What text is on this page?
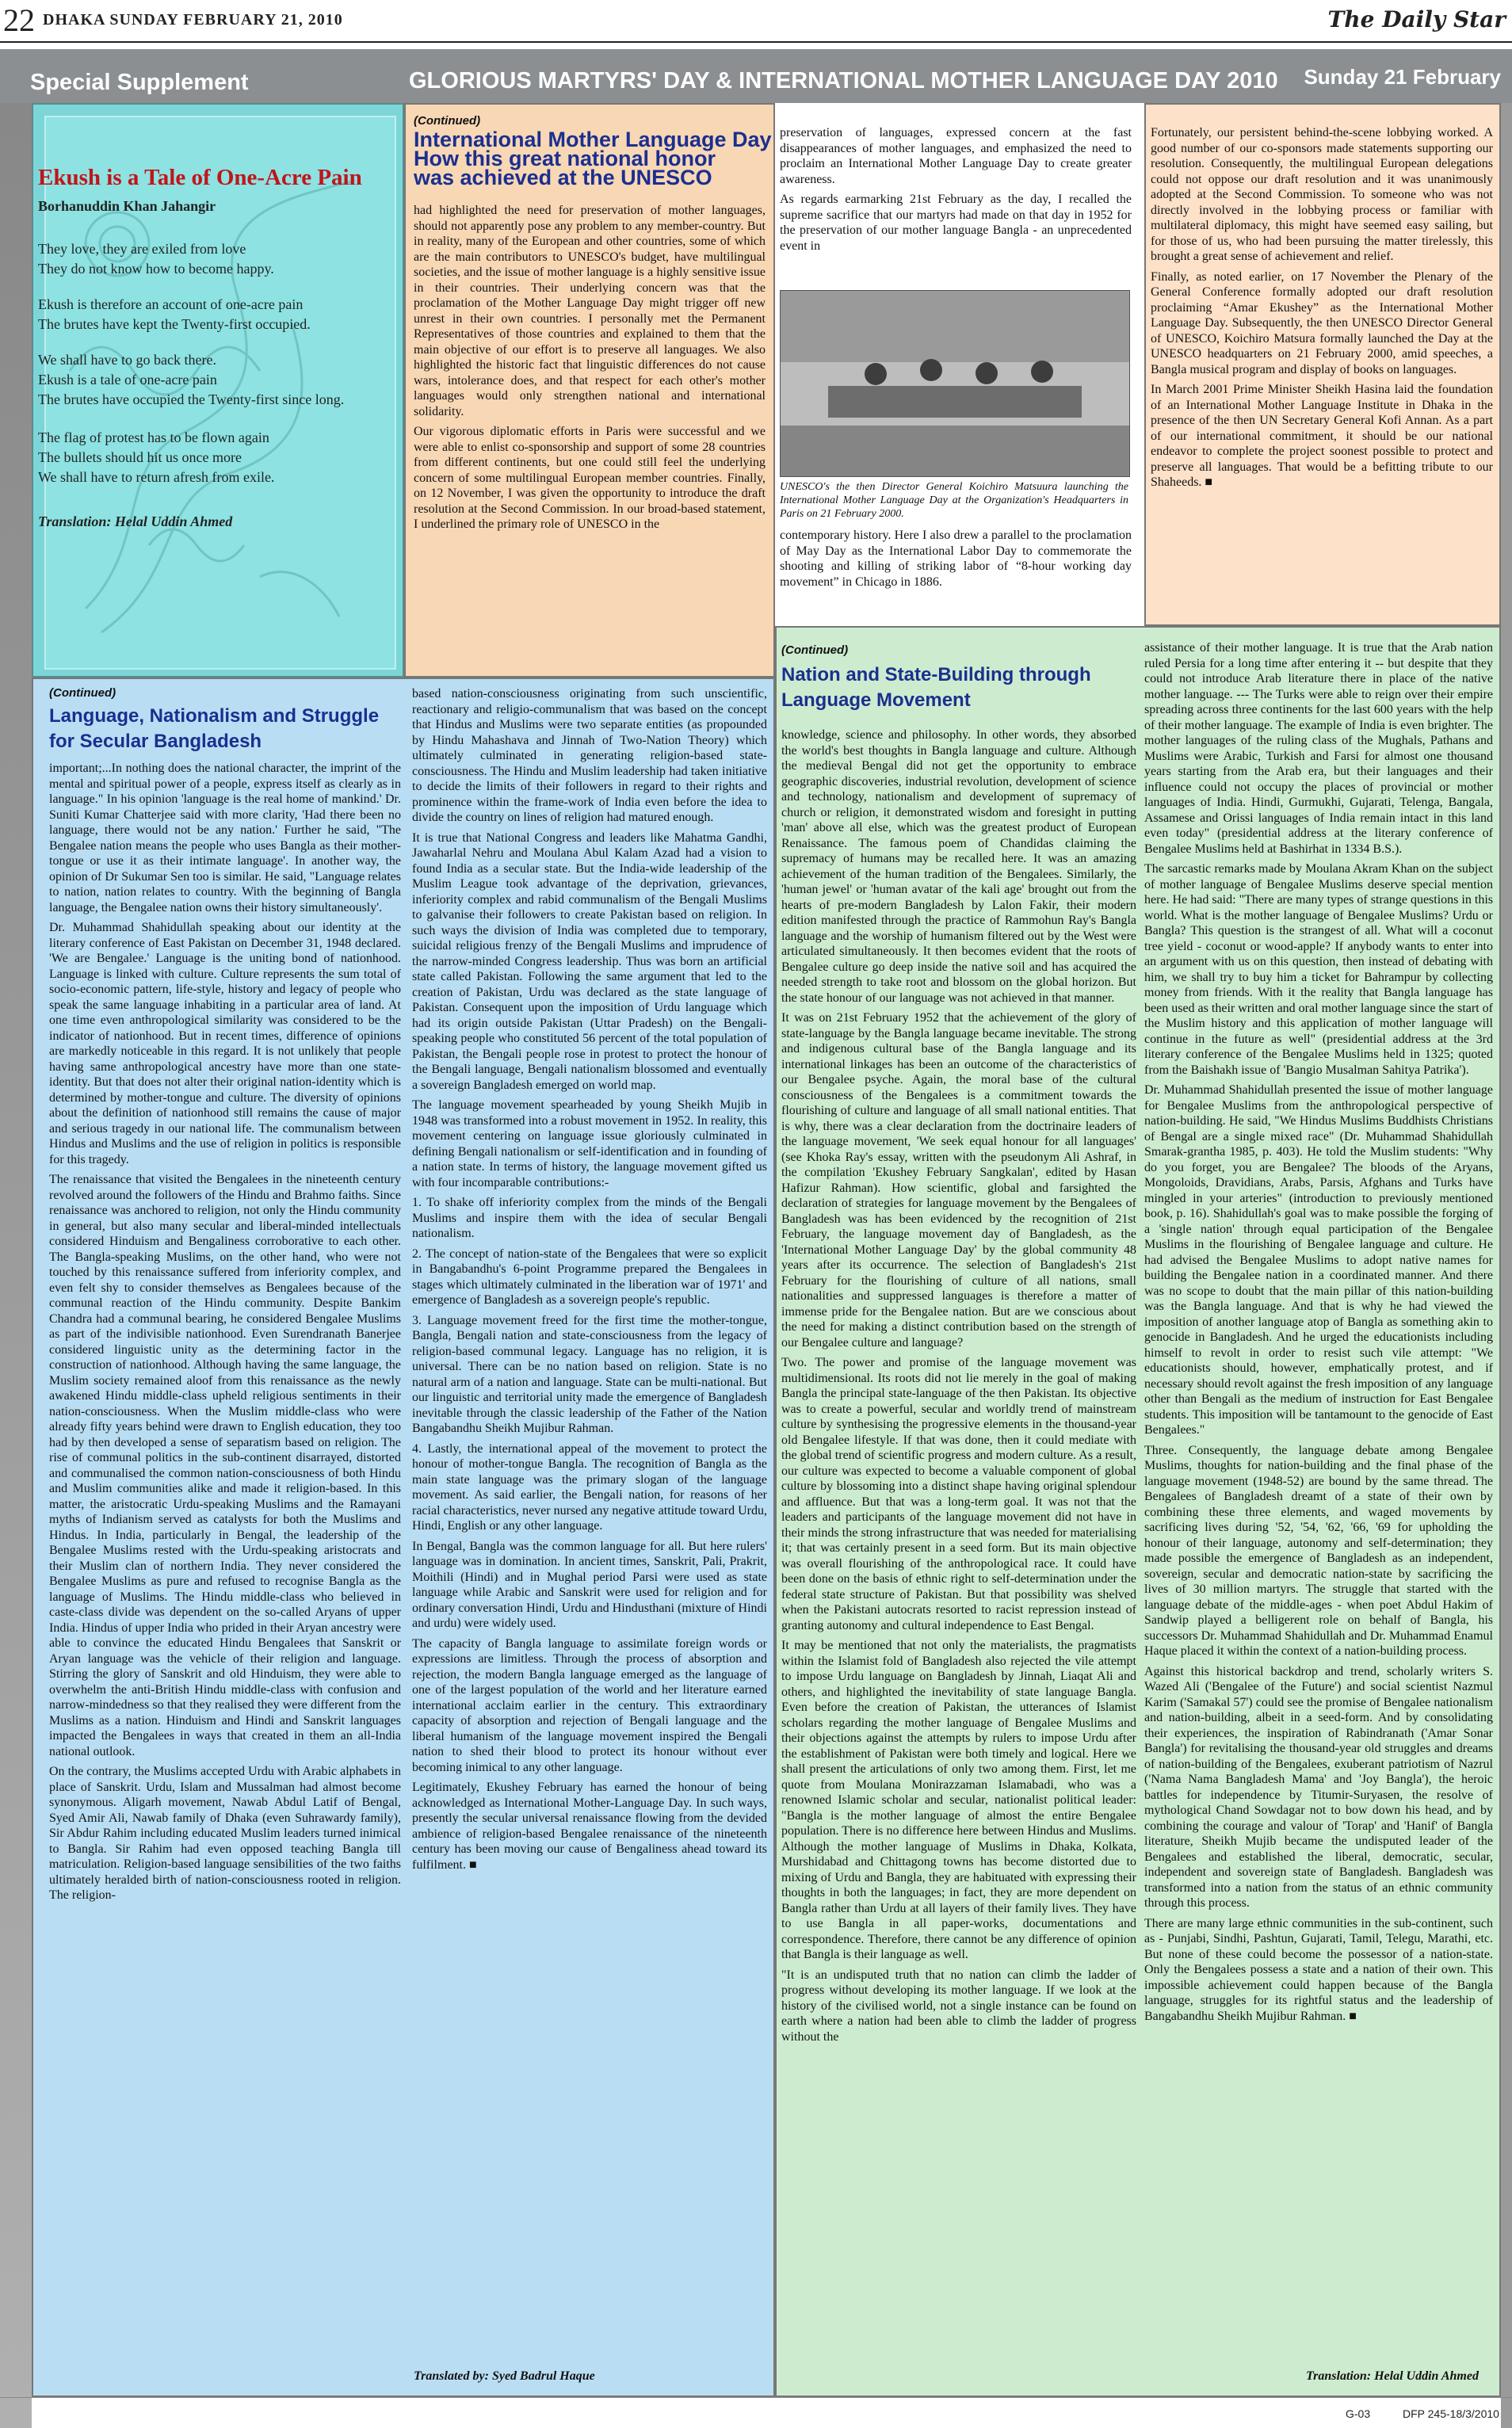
22 DHAKA SUNDAY FEBRUARY 21, 2010	The Daily Star
Special Supplement	GLORIOUS MARTYRS' DAY & INTERNATIONAL MOTHER LANGUAGE DAY 2010 Sunday 21 February
Ekush is a Tale of One-Acre Pain
Borhanuddin Khan Jahangir
They love, they are exiled from love
They do not know how to become happy.
Ekush is therefore an account of one-acre pain
The brutes have kept the Twenty-first occupied.
We shall have to go back there.
Ekush is a tale of one-acre pain
The brutes have occupied the Twenty-first since long.
The flag of protest has to be flown again
The bullets should hit us once more
We shall have to return afresh from exile.
Translation: Helal Uddin Ahmed
(Continued)
International Mother Language Day
How this great national honor
was achieved at the UNESCO

had highlighted the need for preservation of mother languages, should not apparently pose any problem to any member-country. But in reality, many of the European and other countries, some of which are the main contributors to UNESCO's budget, have multilingual societies, and the issue of mother language is a highly sensitive issue in their countries. Their underlying concern was that the proclamation of the Mother Language Day might trigger off new unrest in their own countries. I personally met the Permanent Representatives of those countries and explained to them that the main objective of our effort is to preserve all languages. We also highlighted the historic fact that linguistic differences do not cause wars, intolerance does, and that respect for each other's mother languages would only strengthen national and international solidarity.

Our vigorous diplomatic efforts in Paris were successful and we were able to enlist co-sponsorship and support of some 28 countries from different continents, but one could still feel the underlying concern of some multilingual European member countries. Finally, on 12 November, I was given the opportunity to introduce the draft resolution at the Second Commission. In our broad-based statement, I underlined the primary role of UNESCO in the

preservation of languages, expressed concern at the fast disappearances of mother languages, and emphasized the need to proclaim an International Mother Language Day to create greater awareness.

As regards earmarking 21st February as the day, I recalled the supreme sacrifice that our martyrs had made on that day in 1952 for the preservation of our mother language Bangla - an unprecedented event in

UNESCO's the then Director General Koichiro Matsuura launching the International Mother Language Day at the Organization's Headquarters in Paris on 21 February 2000.

contemporary history. Here I also drew a parallel to the proclamation of May Day as the International Labor Day to commemorate the shooting and killing of striking labor of “8-hour working day movement” in Chicago in 1886.

Fortunately, our persistent behind-the-scene lobbying worked. A good number of our co-sponsors made statements supporting our resolution. Consequently, the multilingual European delegations could not oppose our draft resolution and it was unanimously adopted at the Second Commission. To someone who was not directly involved in the lobbying process or familiar with multilateral diplomacy, this might have seemed easy sailing, but for those of us, who had been pursuing the matter tirelessly, this brought a great sense of achievement and relief.

Finally, as noted earlier, on 17 November the Plenary of the General Conference formally adopted our draft resolution proclaiming “Amar Ekushey” as the International Mother Language Day. Subsequently, the then UNESCO Director General of UNESCO, Koichiro Matsura formally launched the Day at the UNESCO headquarters on 21 February 2000, amid speeches, a Bangla musical program and display of books on languages.

In March 2001 Prime Minister Sheikh Hasina laid the foundation of an International Mother Language Institute in Dhaka in the presence of the then UN Secretary General Kofi Annan. As a part of our international commitment, it should be our national endeavor to complete the project soonest possible to protect and preserve all languages. That would be a befitting tribute to our Shaheeds. ■

(Continued)
Language, Nationalism and Struggle
for Secular Bangladesh

important;...In nothing does the national character, the imprint of the mental and spiritual power of a people, express itself as clearly as in language." In his opinion 'language is the real home of mankind.' Dr. Suniti Kumar Chatterjee said with more clarity, 'Had there been no language, there would not be any nation.' Further he said, "The Bengalee nation means the people who uses Bangla as their mother-tongue or use it as their intimate language'. In another way, the opinion of Dr Sukumar Sen too is similar. He said, "Language relates to nation, nation relates to country. With the beginning of Bangla language, the Bengalee nation owns their history simultaneously'.

Dr. Muhammad Shahidullah speaking about our identity at the literary conference of East Pakistan on December 31, 1948 declared. 'We are Bengalee.' Language is the uniting bond of nationhood. Language is linked with culture. Culture represents the sum total of socio-economic pattern, life-style, history and legacy of people who speak the same language inhabiting in a particular area of land. At one time even anthropological similarity was considered to be the indicator of nationhood. But in recent times, difference of opinions are markedly noticeable in this regard. It is not unlikely that people having same anthropological ancestry have more than one state-identity. But that does not alter their original nation-identity which is determined by mother-tongue and culture. The diversity of opinions about the definition of nationhood still remains the cause of major and serious tragedy in our national life. The communalism between Hindus and Muslims and the use of religion in politics is responsible for this tragedy.

The renaissance that visited the Bengalees in the nineteenth century revolved around the followers of the Hindu and Brahmo faiths. Since renaissance was anchored to religion, not only the Hindu community in general, but also many secular and liberal-minded intellectuals considered Hinduism and Bengaliness corroborative to each other. The Bangla-speaking Muslims, on the other hand, who were not touched by this renaissance suffered from inferiority complex, and even felt shy to consider themselves as Bengalees because of the communal reaction of the Hindu community. Despite Bankim Chandra had a communal bearing, he considered Bengalee Muslims as part of the indivisible nationhood. Even Surendranath Banerjee considered linguistic unity as the determining factor in the construction of nationhood. Although having the same language, the Muslim society remained aloof from this renaissance as the newly awakened Hindu middle-class upheld religious sentiments in their nation-consciousness. When the Muslim middle-class who were already fifty years behind were drawn to English education, they too had by then developed a sense of separatism based on religion. The rise of communal politics in the sub-continent disarrayed, distorted and communalised the common nation-consciousness of both Hindu and Muslim communities alike and made it religion-based. In this matter, the aristocratic Urdu-speaking Muslims and the Ramayani myths of Indianism served as catalysts for both the Muslims and Hindus. In India, particularly in Bengal, the leadership of the Bengalee Muslims rested with the Urdu-speaking aristocrats and their Muslim clan of northern India. They never considered the Bengalee Muslims as pure and refused to recognise Bangla as the language of Muslims. The Hindu middle-class who believed in caste-class divide was dependent on the so-called Aryans of upper India. Hindus of upper India who prided in their Aryan ancestry were able to convince the educated Hindu Bengalees that Sanskrit or Aryan language was the vehicle of their religion and language. Stirring the glory of Sanskrit and old Hinduism, they were able to overwhelm the anti-British Hindu middle-class with confusion and narrow-mindedness so that they realised they were different from the Muslims as a nation. Hinduism and Hindi and Sanskrit languages impacted the Bengalees in ways that created in them an all-India national outlook.

On the contrary, the Muslims accepted Urdu with Arabic alphabets in place of Sanskrit. Urdu, Islam and Mussalman had almost become synonymous. Aligarh movement, Nawab Abdul Latif of Bengal, Syed Amir Ali, Nawab family of Dhaka (even Suhrawardy family), Sir Abdur Rahim including educated Muslim leaders turned inimical to Bangla. Sir Rahim had even opposed teaching Bangla till matriculation. Religion-based language sensibilities of the two faiths ultimately heralded birth of nation-consciousness rooted in religion. The religion-

based nation-consciousness originating from such unscientific, reactionary and religio-communalism that was based on the concept that Hindus and Muslims were two separate entities (as propounded by Hindu Mahashava and Jinnah of Two-Nation Theory) which ultimately culminated in generating religion-based state-consciousness. The Hindu and Muslim leadership had taken initiative to decide the limits of their followers in regard to their rights and prominence within the frame-work of India even before the idea to divide the country on lines of religion had matured enough.

It is true that National Congress and leaders like Mahatma Gandhi, Jawaharlal Nehru and Moulana Abul Kalam Azad had a vision to found India as a secular state. But the India-wide leadership of the Muslim League took advantage of the deprivation, grievances, inferiority complex and rabid communalism of the Bengali Muslims to galvanise their followers to create Pakistan based on religion. In such ways the division of India was completed due to temporary, suicidal religious frenzy of the Bengali Muslims and imprudence of the narrow-minded Congress leadership. Thus was born an artificial state called Pakistan. Following the same argument that led to the creation of Pakistan, Urdu was declared as the state language of Pakistan. Consequent upon the imposition of Urdu language which had its origin outside Pakistan (Uttar Pradesh) on the Bengali-speaking people who constituted 56 percent of the total population of Pakistan, the Bengali people rose in protest to protect the honour of the Bengali language, Bengali nationalism blossomed and eventually a sovereign Bangladesh emerged on world map.

The language movement spearheaded by young Sheikh Mujib in 1948 was transformed into a robust movement in 1952. In reality, this movement centering on language issue gloriously culminated in defining Bengali nationalism or self-identification and in founding of a nation state. In terms of history, the language movement gifted us with four incomparable contributions:-

1. To shake off inferiority complex from the minds of the Bengali Muslims and inspire them with the idea of secular Bengali nationalism.

2. The concept of nation-state of the Bengalees that were so explicit in Bangabandhu's 6-point Programme prepared the Bengalees in stages which ultimately culminated in the liberation war of 1971' and emergence of Bangladesh as a sovereign people's republic.

3. Language movement freed for the first time the mother-tongue, Bangla, Bengali nation and state-consciousness from the legacy of religion-based communal legacy. Language has no religion, it is universal. There can be no nation based on religion. State is no natural arm of a nation and language. State can be multi-national. But our linguistic and territorial unity made the emergence of Bangladesh inevitable through the classic leadership of the Father of the Nation Bangabandhu Sheikh Mujibur Rahman.

4. Lastly, the international appeal of the movement to protect the honour of mother-tongue Bangla. The recognition of Bangla as the main state language was the primary slogan of the language movement. As said earlier, the Bengali nation, for reasons of her racial characteristics, never nursed any negative attitude toward Urdu, Hindi, English or any other language.

In Bengal, Bangla was the common language for all. But here rulers' language was in domination. In ancient times, Sanskrit, Pali, Prakrit, Moithili (Hindi) and in Mughal period Parsi were used as state language while Arabic and Sanskrit were used for religion and for ordinary conversation Hindi, Urdu and Hindusthani (mixture of Hindi and urdu) were widely used.

The capacity of Bangla language to assimilate foreign words or expressions are limitless. Through the process of absorption and rejection, the modern Bangla language emerged as the language of one of the largest population of the world and her literature earned international acclaim earlier in the century. This extraordinary capacity of absorption and rejection of Bengali language and the liberal humanism of the language movement inspired the Bengali nation to shed their blood to protect its honour without ever becoming inimical to any other language.

Legitimately, Ekushey February has earned the honour of being acknowledged as International Mother-Language Day. In such ways, presently the secular universal renaissance flowing from the devided ambience of religion-based Bengalee renaissance of the nineteenth century has been moving our cause of Bengaliness ahead toward its fulfilment. ■

Translated by: Syed Badrul Haque
(Continued)
Nation and State-Building through
Language Movement

knowledge, science and philosophy. In other words, they absorbed the world's best thoughts in Bangla language and culture. Although the medieval Bengal did not get the opportunity to embrace geographic discoveries, industrial revolution, development of science and technology, nationalism and development of supremacy of church or religion, it demonstrated wisdom and foresight in putting 'man' above all else, which was the greatest product of European Renaissance. The famous poem of Chandidas claiming the supremacy of humans may be recalled here. It was an amazing achievement of the human tradition of the Bengalees. Similarly, the 'human jewel' or 'human avatar of the kali age' brought out from the hearts of pre-modern Bangladesh by Lalon Fakir, their modern edition manifested through the practice of Rammohun Ray's Bangla language and the worship of humanism filtered out by the West were articulated simultaneously. It then becomes evident that the roots of Bengalee culture go deep inside the native soil and has acquired the needed strength to take root and blossom on the global horizon. But the state honour of our language was not achieved in that manner.

It was on 21st February 1952 that the achievement of the glory of state-language by the Bangla language became inevitable. The strong and indigenous cultural base of the Bangla language and its international linkages has been an outcome of the characteristics of our Bengalee psyche. Again, the moral base of the cultural consciousness of the Bengalees is a commitment towards the flourishing of culture and language of all small national entities. That is why, there was a clear declaration from the doctrinaire leaders of the language movement, 'We seek equal honour for all languages' (see Khoka Ray's essay, written with the pseudonym Ali Ashraf, in the compilation 'Ekushey February Sangkalan', edited by Hasan Hafizur Rahman). How scientific, global and farsighted the declaration of strategies for language movement by the Bengalees of Bangladesh was has been evidenced by the recognition of 21st February, the language movement day of Bangladesh, as the 'International Mother Language Day' by the global community 48 years after its occurrence. The selection of Bangladesh's 21st February for the flourishing of culture of all nations, small nationalities and suppressed languages is therefore a matter of immense pride for the Bengalee nation. But are we conscious about the need for making a distinct contribution based on the strength of our Bengalee culture and language?

Two. The power and promise of the language movement was multidimensional. Its roots did not lie merely in the goal of making Bangla the principal state-language of the then Pakistan. Its objective was to create a powerful, secular and worldly trend of mainstream culture by synthesising the progressive elements in the thousand-year old Bengalee lifestyle. If that was done, then it could mediate with the global trend of scientific progress and modern culture. As a result, our culture was expected to become a valuable component of global culture by blossoming into a distinct shape having original splendour and affluence. But that was a long-term goal. It was not that the leaders and participants of the language movement did not have in their minds the strong infrastructure that was needed for materialising it; that was certainly present in a seed form. But its main objective was overall flourishing of the anthropological race. It could have been done on the basis of ethnic right to self-determination under the federal state structure of Pakistan. But that possibility was shelved when the Pakistani autocrats resorted to racist repression instead of granting autonomy and cultural independence to East Bengal.

It may be mentioned that not only the materialists, the pragmatists within the Islamist fold of Bangladesh also rejected the vile attempt to impose Urdu language on Bangladesh by Jinnah, Liaqat Ali and others, and highlighted the inevitability of state language Bangla. Even before the creation of Pakistan, the utterances of Islamist scholars regarding the mother language of Bengalee Muslims and their objections against the attempts by rulers to impose Urdu after the establishment of Pakistan were both timely and logical. Here we shall present the articulations of only two among them. First, let me quote from Moulana Monirazzaman Islamabadi, who was a renowned Islamic scholar and secular, nationalist political leader: "Bangla is the mother language of almost the entire Bengalee population. There is no difference here between Hindus and Muslims. Although the mother language of Muslims in Dhaka, Kolkata, Murshidabad and Chittagong towns has become distorted due to mixing of Urdu and Bangla, they are habituated with expressing their thoughts in both the languages; in fact, they are more dependent on Bangla rather than Urdu at all layers of their family lives. They have to use Bangla in all paper-works, documentations and correspondence. Therefore, there cannot be any difference of opinion that Bangla is their language as well.

"It is an undisputed truth that no nation can climb the ladder of progress without developing its mother language. If we look at the history of the civilised world, not a single instance can be found on earth where a nation had been able to climb the ladder of progress without the

assistance of their mother language. It is true that the Arab nation ruled Persia for a long time after entering it -- but despite that they could not introduce Arab literature there in place of the native mother language. --- The Turks were able to reign over their empire spreading across three continents for the last 600 years with the help of their mother language. The example of India is even brighter. The mother languages of the ruling class of the Mughals, Pathans and Muslims were Arabic, Turkish and Farsi for almost one thousand years starting from the Arab era, but their languages and their influence could not occupy the places of provincial or mother languages of India. Hindi, Gurmukhi, Gujarati, Telenga, Bangala, Assamese and Orissi languages of India remain intact in this land even today" (presidential address at the literary conference of Bengalee Muslims held at Bashirhat in 1334 B.S.).

The sarcastic remarks made by Moulana Akram Khan on the subject of mother language of Bengalee Muslims deserve special mention here. He had said: "There are many types of strange questions in this world. What is the mother language of Bengalee Muslims? Urdu or Bangla? This question is the strangest of all. What will a coconut tree yield - coconut or wood-apple? If anybody wants to enter into an argument with us on this question, then instead of debating with him, we shall try to buy him a ticket for Bahrampur by collecting money from friends. With it the reality that Bangla language has been used as their written and oral mother language since the start of the Muslim history and this application of mother language will continue in the future as well" (presidential address at the 3rd literary conference of the Bengalee Muslims held in 1325; quoted from the Baishakh issue of 'Bangio Musalman Sahitya Patrika').

Dr. Muhammad Shahidullah presented the issue of mother language for Bengalee Muslims from the anthropological perspective of nation-building. He said, "We Hindus Muslims Buddhists Christians of Bengal are a single mixed race" (Dr. Muhammad Shahidullah Smarak-grantha 1985, p. 403). He told the Muslim students: "Why do you forget, you are Bengalee? The bloods of the Aryans, Mongoloids, Dravidians, Arabs, Parsis, Afghans and Turks have mingled in your arteries" (introduction to previously mentioned book, p. 16). Shahidullah's goal was to make possible the forging of a 'single nation' through equal participation of the Bengalee Muslims in the flourishing of Bengalee language and culture. He had advised the Bengalee Muslims to adopt native names for building the Bengalee nation in a coordinated manner. And there was no scope to doubt that the main pillar of this nation-building was the Bangla language. And that is why he had viewed the imposition of another language atop of Bangla as something akin to genocide in Bangladesh. And he urged the educationists including himself to revolt in order to resist such vile attempt: "We educationists should, however, emphatically protest, and if necessary should revolt against the fresh imposition of any language other than Bengali as the medium of instruction for East Bengalee students. This imposition will be tantamount to the genocide of East Bengalees."

Three. Consequently, the language debate among Bengalee Muslims, thoughts for nation-building and the final phase of the language movement (1948-52) are bound by the same thread. The Bengalees of Bangladesh dreamt of a state of their own by combining these three elements, and waged movements by sacrificing lives during '52, '54, '62, '66, '69 for upholding the honour of their language, autonomy and self-determination; they made possible the emergence of Bangladesh as an independent, sovereign, secular and democratic nation-state by sacrificing the lives of 30 million martyrs. The struggle that started with the language debate of the middle-ages - when poet Abdul Hakim of Sandwip played a belligerent role on behalf of Bangla, his successors Dr. Muhammad Shahidullah and Dr. Muhammad Enamul Haque placed it within the context of a nation-building process.

Against this historical backdrop and trend, scholarly writers S. Wazed Ali ('Bengalee of the Future') and social scientist Nazmul Karim ('Samakal 57') could see the promise of Bengalee nationalism and nation-building, albeit in a seed-form. And by consolidating their experiences, the inspiration of Rabindranath ('Amar Sonar Bangla') for revitalising the thousand-year old struggles and dreams of nation-building of the Bengalees, exuberant patriotism of Nazrul ('Nama Nama Bangladesh Mama' and 'Joy Bangla'), the heroic battles for independence by Titumir-Suryasen, the resolve of mythological Chand Sowdagar not to bow down his head, and by combining the courage and valour of 'Torap' and 'Hanif' of Bangla literature, Sheikh Mujib became the undisputed leader of the Bengalees and established the liberal, democratic, secular, independent and sovereign state of Bangladesh. Bangladesh was transformed into a nation from the status of an ethnic community through this process.

There are many large ethnic communities in the sub-continent, such as - Punjabi, Sindhi, Pashtun, Gujarati, Tamil, Telegu, Marathi, etc. But none of these could become the possessor of a nation-state. Only the Bengalees possess a state and a nation of their own. This impossible achievement could happen because of the Bangla language, struggles for its rightful status and the leadership of Bangabandhu Sheikh Mujibur Rahman. ■

Translation: Helal Uddin Ahmed
G-03	DFP 245-18/3/2010
